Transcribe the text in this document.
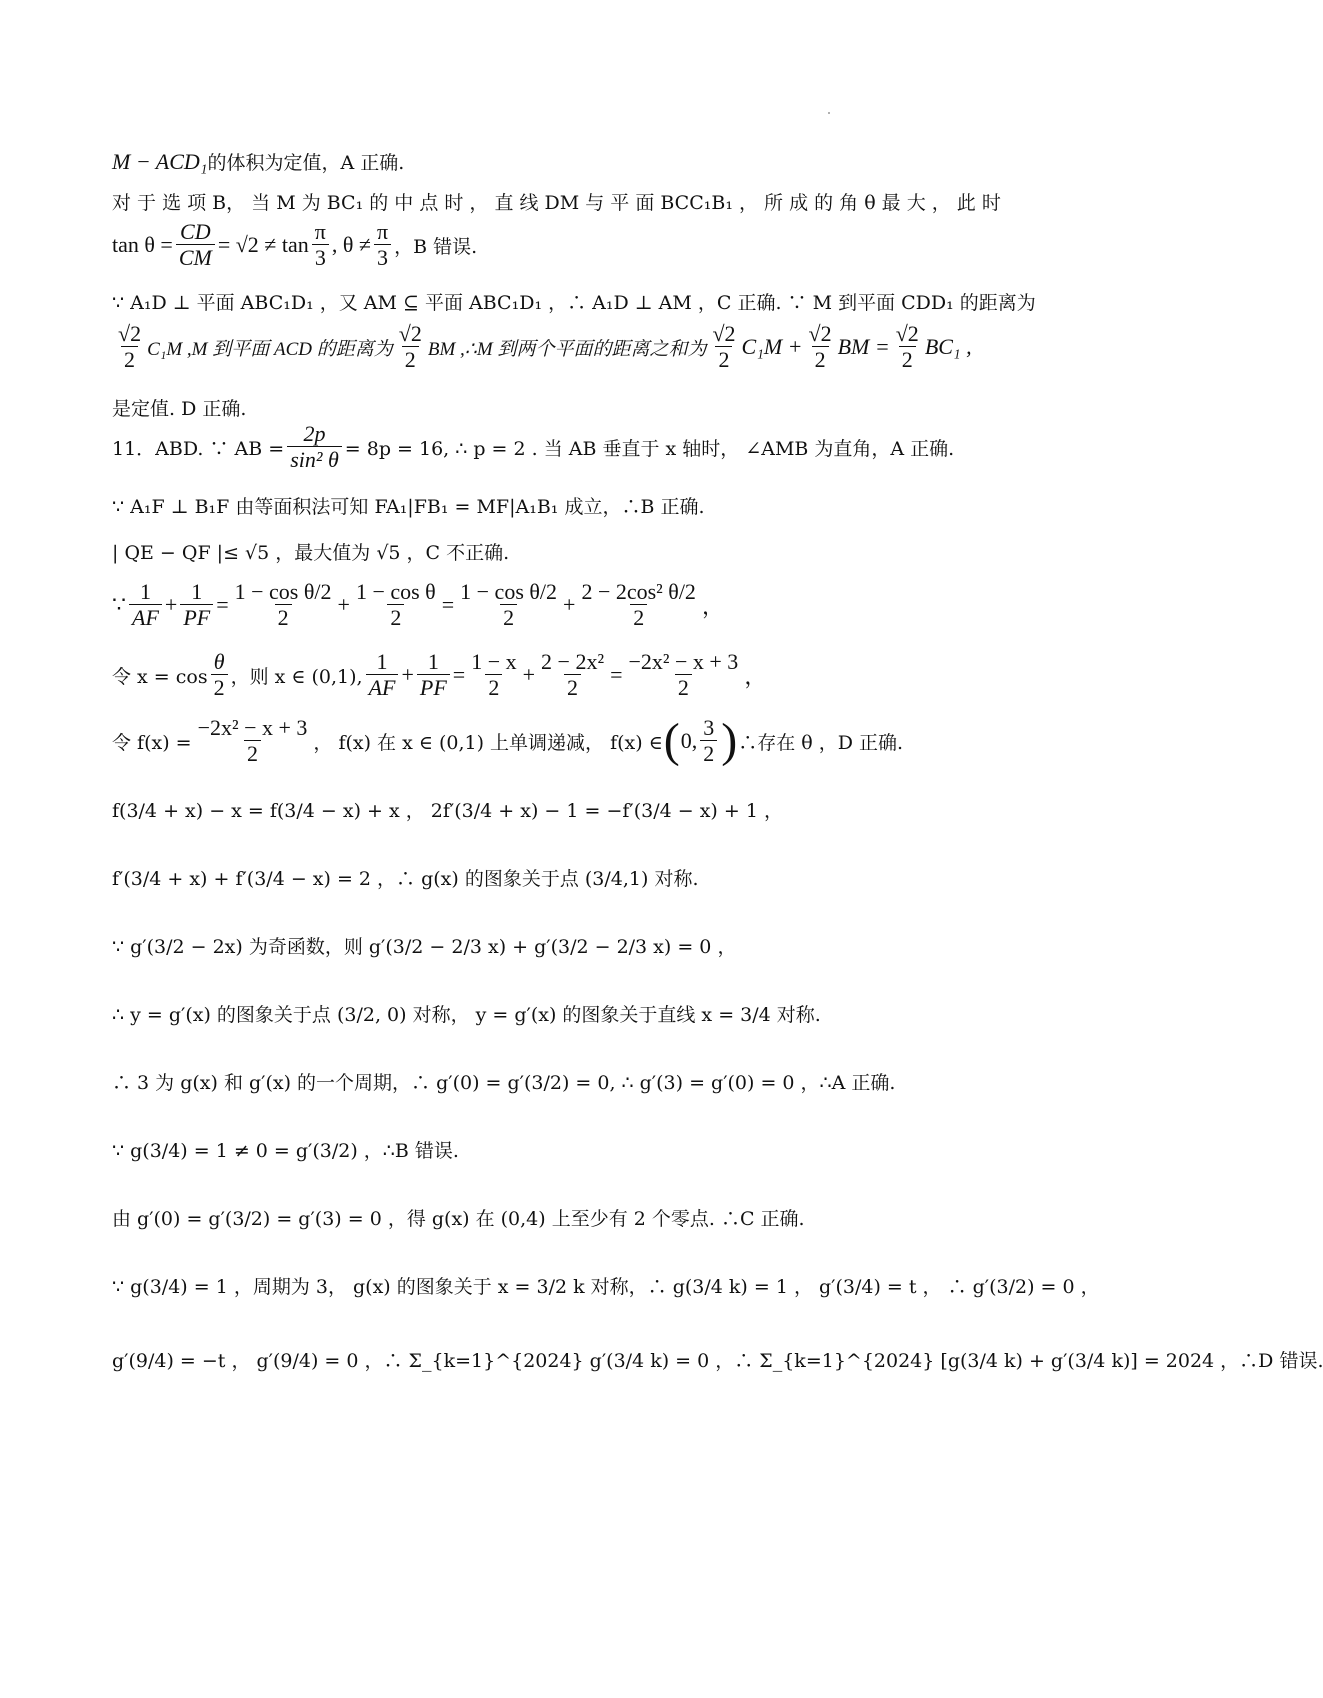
M − ACD₁ 的体积为定值，A 正确.
对 于 选 项 B， 当 M 为 BC₁ 的 中 点 时 ， 直 线 DM 与 平 面 BCC₁B₁ ， 所 成 的 角 θ 最 大 ， 此 时
$\tan \theta = \frac{CD}{CM} = √2 \ne \tan \frac{\pi}{3}$ , $\theta \ne \frac{\pi}{3}$ ，B 错误.
∵ A₁D ⊥ 平面 ABC₁D₁ ，又 AM ⊆ 平面 ABC₁D₁ ，∴ A₁D ⊥ AM ，C 正确. ∵ M 到平面 CDD₁ 的距离为
$\frac{√2}{2} C_1M$ ,M 到平面 ACD 的距离为 $\frac{√2}{2}$ BM ,∴M 到两个平面的距离之和为 $\frac{√2}{2} C_1M + \frac{√2}{2}$ BM = $\frac{√2}{2} BC_1$ ,
是定值. D 正确.
11．ABD. ∵ AB = $\frac{2p}{\text{sin² θ}} = 8p = 16$, ∴ p = 2 . 当 AB 垂直于 x 轴时， ∠AMB 为直角，A 正确.
∵ A₁F ⊥ B₁F 由等面积法可知 FA₁|FB₁ = MF|A₁B₁ 成立，∴B 正确.
| QE − QF |≤ √5 ，最大值为 √5 ，C 不正确.
∵ $\frac{1}{AF} + \frac{1}{PF} = \frac{\text{1 − cos θ/2}}{2} + \frac{\text{1 − cos θ}}{2} = \frac{\text{1 − cos θ/2}}{2} + \frac{\text{2 − 2cos² θ/2}}{2}$ ，
令 $x = \cos \frac{\theta}{2}$ ，则 x ∈ (0,1), $\frac{1}{AF} + \frac{1}{PF} = \frac{1 - x}{2} + \frac{\text{2 − 2x²}}{2} = \frac{\text{−2x² − x + 3}}{2}$ ，
令 $f(x) = \frac{\text{−2x² − x + 3}}{2}$ ， f(x) 在 x ∈ (0,1) 上单调递减， f(x) ∈ ( 0, $\frac{3}{2}$ ) ∴存在 θ ，D 正确.
f(3/4 + x) − x = f(3/4 − x) + x ， 2f′(3/4 + x) − 1 = −f′(3/4 − x) + 1 ，
f′(3/4 + x) + f′(3/4 − x) = 2 ，∴ g(x) 的图象关于点 (3/4,1) 对称.
∵ g′(3/2 − 2x) 为奇函数，则 g′(3/2 − 2/3 x) + g′(3/2 − 2/3 x) = 0 ，
∴ y = g′(x) 的图象关于点 (3/2, 0) 对称， y = g′(x) 的图象关于直线 x = 3/4 对称.
∴ 3 为 g(x) 和 g′(x) 的一个周期，∴ g′(0) = g′(3/2) = 0, ∴ g′(3) = g′(0) = 0 ，∴A 正确.
∵ g(3/4) = 1 ≠ 0 = g′(3/2) ，∴B 错误.
由 g′(0) = g′(3/2) = g′(3) = 0 ，得 g(x) 在 (0,4) 上至少有 2 个零点. ∴C 正确.
∵ g(3/4) = 1 ，周期为 3， g(x) 的图象关于 x = 3/2 k 对称，∴ g(3/4 k) = 1 ， g′(3/4) = t ， ∴ g′(3/2) = 0 ，
g′(9/4) = −t ， g′(9/4) = 0 ，∴ Σ_{k=1}^{2024} g′(3/4 k) = 0 ，∴ Σ_{k=1}^{2024} [g(3/4 k) + g′(3/4 k)] = 2024 ，∴D 错误.
